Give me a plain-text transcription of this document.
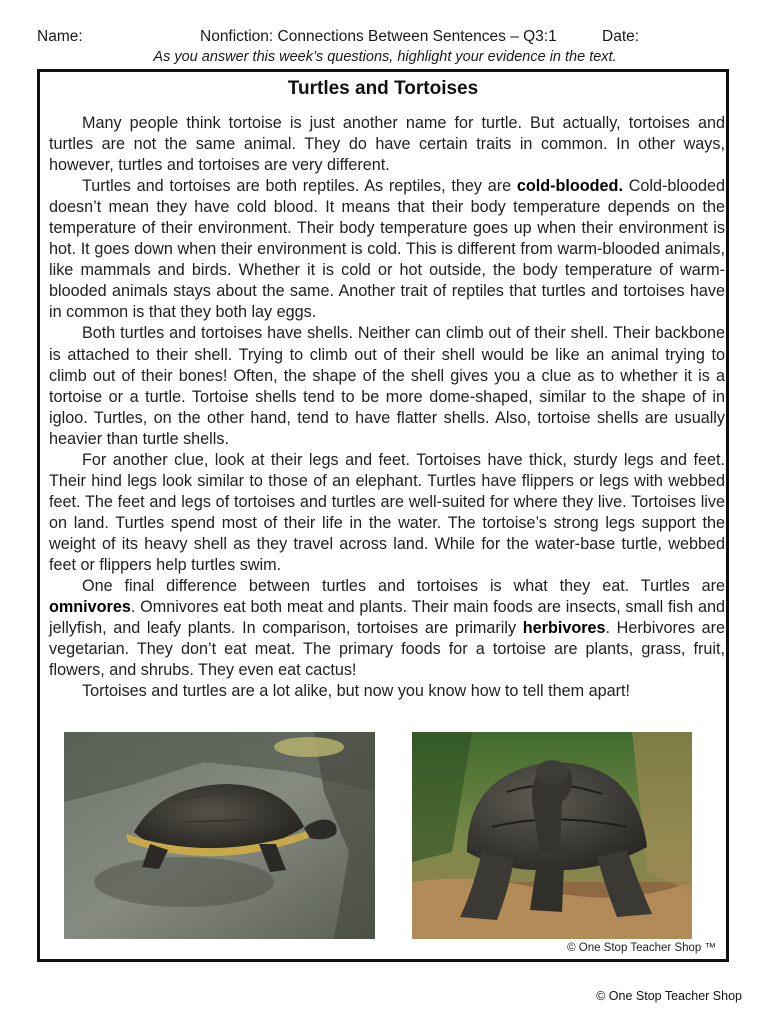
Name:	Nonfiction: Connections Between Sentences – Q3:1	Date:
As you answer this week’s questions, highlight your evidence in the text.
Turtles and Tortoises

Many people think tortoise is just another name for turtle. But actually, tortoises and turtles are not the same animal. They do have certain traits in common. In other ways, however, turtles and tortoises are very different.

Turtles and tortoises are both reptiles. As reptiles, they are cold-blooded. Cold-blooded doesn’t mean they have cold blood. It means that their body temperature depends on the temperature of their environment. Their body temperature goes up when their environment is hot. It goes down when their environment is cold. This is different from warm-blooded animals, like mammals and birds. Whether it is cold or hot outside, the body temperature of warm-blooded animals stays about the same. Another trait of reptiles that turtles and tortoises have in common is that they both lay eggs.

Both turtles and tortoises have shells. Neither can climb out of their shell. Their backbone is attached to their shell. Trying to climb out of their shell would be like an animal trying to climb out of their bones! Often, the shape of the shell gives you a clue as to whether it is a tortoise or a turtle. Tortoise shells tend to be more dome-shaped, similar to the shape of in igloo. Turtles, on the other hand, tend to have flatter shells. Also, tortoise shells are usually heavier than turtle shells.

For another clue, look at their legs and feet. Tortoises have thick, sturdy legs and feet. Their hind legs look similar to those of an elephant. Turtles have flippers or legs with webbed feet. The feet and legs of tortoises and turtles are well-suited for where they live. Tortoises live on land. Turtles spend most of their life in the water. The tortoise’s strong legs support the weight of its heavy shell as they travel across land. While for the water-base turtle, webbed feet or flippers help turtles swim.

One final difference between turtles and tortoises is what they eat. Turtles are omnivores. Omnivores eat both meat and plants. Their main foods are insects, small fish and jellyfish, and leafy plants. In comparison, tortoises are primarily herbivores. Herbivores are vegetarian. They don’t eat meat. The primary foods for a tortoise are plants, grass, fruit, flowers, and shrubs. They even eat cactus!

Tortoises and turtles are a lot alike, but now you know how to tell them apart!

© One Stop Teacher Shop ™
© One Stop Teacher Shop
